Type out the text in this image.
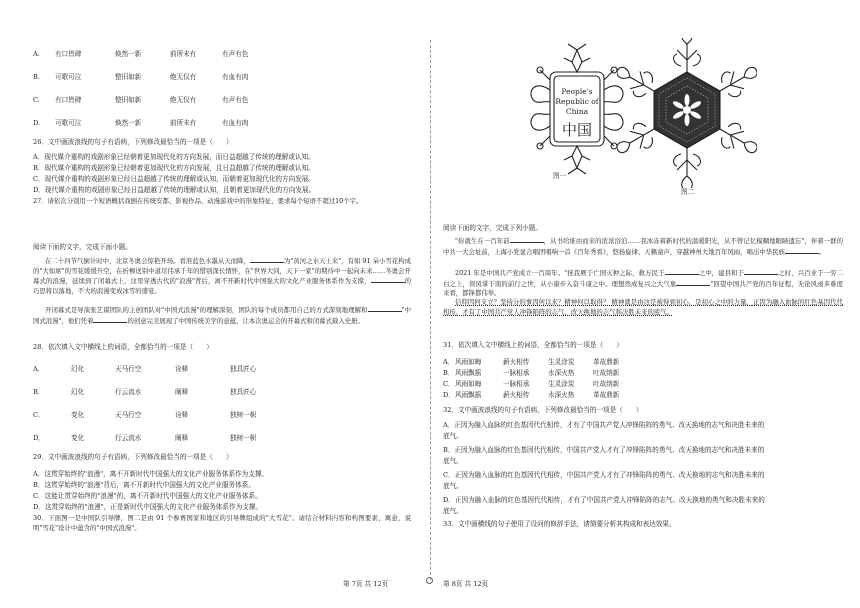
A. 有口皆碑	焕然一新	前所未有	有声有色
B. 可歌可泣	整旧如新	绝无仅有	有血有肉
C. 有口皆碑	整旧如新	绝无仅有	有声有色
D. 可歌可泣	焕然一新	前所未有	有血有肉
26．文中画波浪线的句子有语病，下列修改最恰当的一项是（　　）
A．现代媒介重构的戏剧形象已经朝着更加现代化的方向发展，而日益超越了传统的理解或认知。
B．现代媒介重构的戏剧形象已经朝着更加现代化的方向发展，且日益超越了传统的理解或认知。
C．现代媒介重构的戏剧形象已经日益超越了传统的理解或认知，而朝着更加现代化的方向发展。
D．现代媒介重构的戏剧形象已经日益超越了传统的理解或认知，且朝着更加现代化的方向发展。
27．请依次分别用一个短语概括戏剧在传统安都、影视作品、动漫游戏中的形象特征，要求每个短语不超过10个字。
阅读下面的文字，完成下面小题。
在二十四节气倒计时中，北京冬奥会惊艳开场。看准蓝色水墨从天而降，	为"黄河之水天上来"，有如 91 朵小雪花构成的"大如席"的雪花缓缓升空，在折柳送别中道尽伟承千年的惜别深长情怀，在"世界大同，天下一家"的期待中一起向未来……冬奥会开幕式的浪漫，延续到了闭幕式上，这里穿透古代的"浪漫"背后，离不开新时代中国强大的文化产业服务体系作为支撑，	的巧思将以落地，不大的浪漫变成冰雪的盛宴。
开闭幕式是导演张艺谋团队的主创团队对"中国式浪漫"的理解深刻，团队的每个成员都用自己的方式深刻地理解和	"中国式浪漫"，他们凭着	的创意完美展现了中国传统美学的意蕴，让本次奥运会的开幕式和闭幕式载入史册。
28．依次填入文中横线上的词语，全都恰当的一项是（　　）
A．	幻化	天马行空	诠释	独具匠心
B．	幻化	行云流水	阐释	独具匠心
C．	变化	天马行空	诠释	独树一帜
D．	变化	行云流水	阐释	独树一帜
29．文中画波浪线的句子有语病，下列修改最恰当的一项是（　　）
A．这贯穿始终的"浪漫"，离不开新时代中国强大的文化产业服务体系作为支撑。
B．这贯穿始终的"浪漫"背后，离不开新时代中国强大的文化产业服务体系。
C．这能让贯穿始终的"浪漫"的，离不开新时代中国强大的文化产业服务体系。
D．这贯穿始终的"浪漫"，正是新时代中国强大的文化产业服务体系作为支撑。
30．下面图一是中国队引导牌，图二是由 91 个参赛国家和地区的引导牌组成的"大雪花"。请结合材料内容和构图要素、寓意，说明"雪花"设计中蕴含的"中国式浪漫"。
第 7页 共 12页
People's
Republic of
China
中国
图一
图二
阅读下面的文字，完成下列小题。
"你就生在一百年前	，从书给谁由而来的浓浓浴泊……我冰冻着新时代的温暖阳光，从不曾记忆模糊地眼睛遗忘"，伴着一群的中共一大会址前，上海小党显合唱团唱响一首《百年秀看》，悠扬旋律、天籁童声，穿越神州大地百年风雨，唱出中华民族	。
2021 年是中国共产党成立一百周年。"抚我厥于亡国灭种之际，救万民于	之中，建县和于	之时，兴百业于一穷二白之上，领风掌于南的前行之世，从小康步入奋斗康之中。理想然成复兴之大气象	"回望中国共产党的百年征程，无论风雨多难度来看，都锋都伟举。
信仰因何支立？坚持分的事因何以来？精神何以取得？ 精神就是由这是被得到初心、是初心之中的力量，正因为融入血脉的红色基因代代相传，才有了中国共产党人冲锋陷阵的志气，改天换地的志气和决胜未来的底气。
31．依次填入文中横线上的词语，全都恰当的一项是（　　）
A．风雨如晦	薪火相传	生灵涂炭	革故鼎新
B．风雨飘摇	一脉相承	水深火热	吐故纳新
C．风雨如晦	一脉相承	生灵涂炭	吐故纳新
D．风雨飘摇	薪火相传	水深火热	革故鼎新
32．文中画波浪线的句子有语病，下列修改最恰当的一项是（　　）
A．正因为融入血脉的红色基因代代相传，才有了中国共产党人冲锋陷阵的勇气、改天换地的志气和决胜未来的
底气。
B．正因为融入血脉的红色基因代代相传，中国共产党人才有了冲锋陷阵的勇气、改天换地的志气和决胜未来的
底气。
C．正因为融入血脉的红色基因代代相传，中国共产党人才有了冲锋陷阵的勇气、改天换地的志气和决胜未来的
底气。
D．正因为融入血脉的红色基因代代相传，才有了中国共产党人冲锋陷阵的志气、改天换地的勇气和决胜未来的
底气。
33．文中画横线的句子使用了设问的修辞手法，请简要分析其构成和表达效果。
第 8页 共 12页
